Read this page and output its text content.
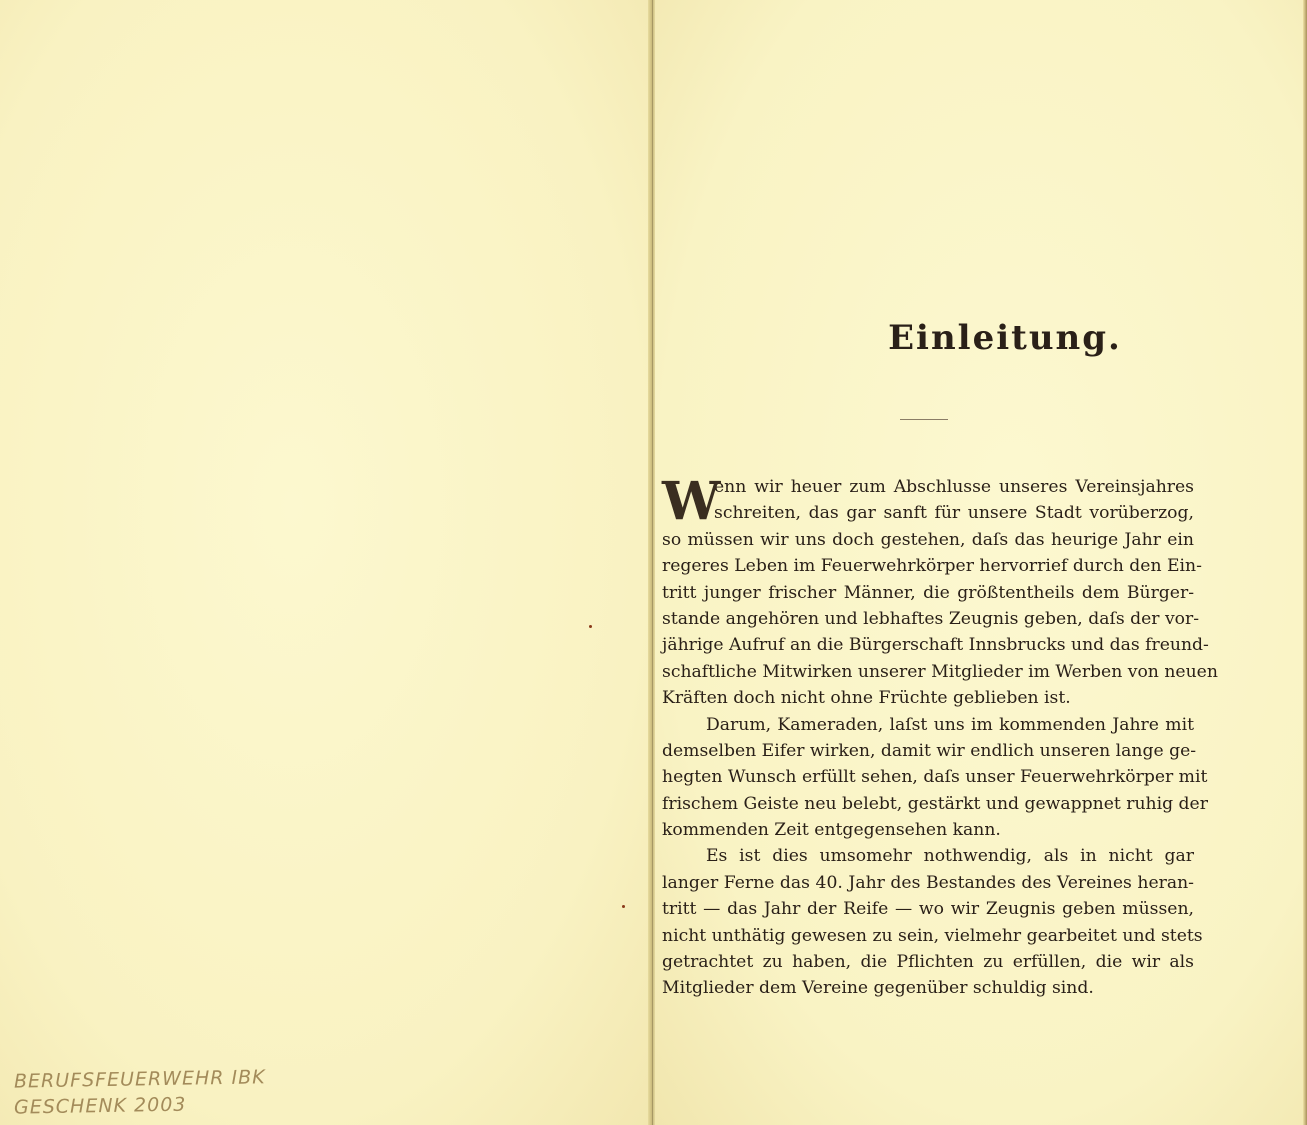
BERUFSFEUERWEHR IBK
GESCHENK 2003
Einleitung.
W
enn wir heuer zum Abschlusse unseres Vereinsjahres
schreiten, das gar sanft für unsere Stadt vorüberzog,
so müssen wir uns doch gestehen, daſs das heurige Jahr ein
regeres Leben im Feuerwehrkörper hervorrief durch den Ein-
tritt junger frischer Männer, die größtentheils dem Bürger-
stande angehören und lebhaftes Zeugnis geben, daſs der vor-
jährige Aufruf an die Bürgerschaft Innsbrucks und das freund-
schaftliche Mitwirken unserer Mitglieder im Werben von neuen
Kräften doch nicht ohne Früchte geblieben ist.
Darum, Kameraden, laſst uns im kommenden Jahre mit
demselben Eifer wirken, damit wir endlich unseren lange ge-
hegten Wunsch erfüllt sehen, daſs unser Feuerwehrkörper mit
frischem Geiste neu belebt, gestärkt und gewappnet ruhig der
kommenden Zeit entgegensehen kann.
Es ist dies umsomehr nothwendig, als in nicht gar
langer Ferne das 40. Jahr des Bestandes des Vereines heran-
tritt — das Jahr der Reife — wo wir Zeugnis geben müssen,
nicht unthätig gewesen zu sein, vielmehr gearbeitet und stets
getrachtet zu haben, die Pflichten zu erfüllen, die wir als
Mitglieder dem Vereine gegenüber schuldig sind.
